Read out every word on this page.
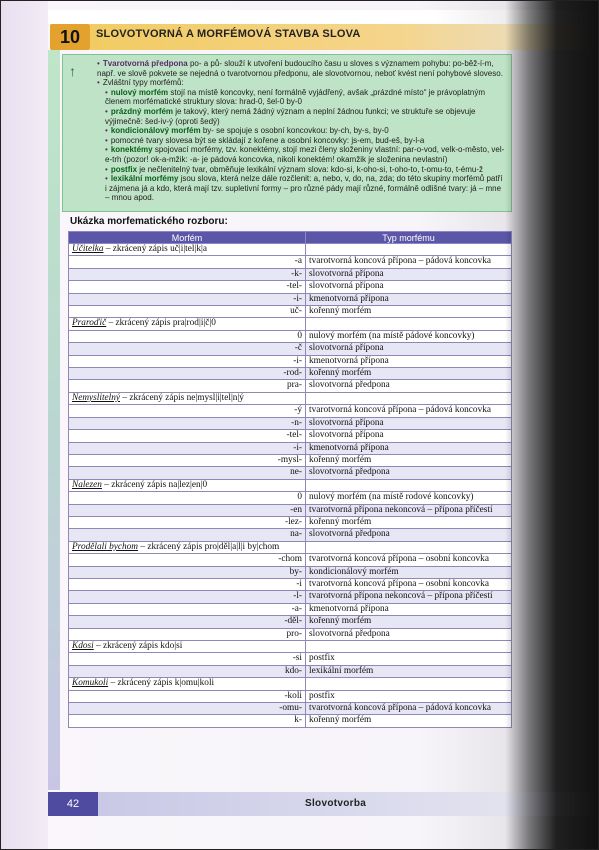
10	SLOVOTVORNÁ A MORFÉMOVÁ STAVBA SLOVA
↑	• Tvarotvorná předpona po- a pů- slouží k utvoření budoucího času u sloves s významem pohybu: po-běž-í-m, např. ve slově pokvete se nejedná o tvarotvornou předponu, ale slovotvornou, neboť kvést není pohybové sloveso.
• Zvláštní typy morfémů:
• nulový morfém stojí na místě koncovky, není formálně vyjádřený, avšak „prázdné místo“ je právoplatným členem morfématické struktury slova: hrad-0, šel-0 by-0
• prázdný morfém je takový, který nemá žádný význam a neplní žádnou funkci; ve struktuře se objevuje výjimečně: šed-iv-ý (oproti šedý)
• kondicionálový morfém by- se spojuje s osobní koncovkou: by-ch, by-s, by-0
• pomocné tvary slovesa být se skládají z kořene a osobní koncovky: js-em, bud-eš, by-l-a
• konektémy spojovací morfémy, tzv. konektémy, stojí mezi členy složeniny vlastní: par-o-vod, velk-o-město, vel-e-trh (pozor! ok-a-mžik: -a- je pádová koncovka, nikoli konektém! okamžik je složenina nevlastní)
• postfix je nečlenitelný tvar, obměňuje lexikální význam slova: kdo-si, k-oho-si, t-oho-to, t-omu-to, t-ému-ž
• lexikální morfémy jsou slova, která nelze dále rozčlenit: a, nebo, v, do, na, zda; do této skupiny morfémů patří i zájmena já a kdo, která mají tzv. supletivní formy – pro různé pády mají různé, formálně odlišné tvary: já – mne – mnou apod.
Ukázka morfematického rozboru:
Morfém	Typ morfému
Učitelka – zkrácený zápis uč|i|tel|k|a	
-a	tvarotvorná koncová přípona – pádová koncovka
-k-	slovotvorná přípona
-tel-	slovotvorná přípona
-i-	kmenotvorná přípona
uč-	kořenný morfém
Praroďič – zkrácený zápis pra|rod|i|č|0	
0	nulový morfém (na místě pádové koncovky)
-č	slovotvorná přípona
-i-	kmenotvorná přípona
-rod-	kořenný morfém
pra-	slovotvorná předpona
Nemyslitelný – zkrácený zápis ne|mysl|i|tel|n|ý	
-ý	tvarotvorná koncová přípona – pádová koncovka
-n-	slovotvorná přípona
-tel-	slovotvorná přípona
-i-	kmenotvorná přípona
-mysl-	kořenný morfém
ne-	slovotvorná předpona
Nalezen – zkrácený zápis na|lez|en|0	
0	nulový morfém (na místě rodové koncovky)
-en	tvarotvorná přípona nekoncová – přípona příčestí
-lez-	kořenný morfém
na-	slovotvorná předpona
Prodělali bychom – zkrácený zápis pro|děl|a|l|i by|chom	
-chom	tvarotvorná koncová přípona – osobní koncovka
by-	kondicionálový morfém
-i	tvarotvorná koncová přípona – osobní koncovka
-l-	tvarotvorná přípona nekoncová – přípona příčestí
-a-	kmenotvorná přípona
-děl-	kořenný morfém
pro-	slovotvorná předpona
Kdosi – zkrácený zápis kdo|si	
-si	postfix
kdo-	lexikální morfém
Komukoli – zkrácený zápis k|omu|koli	
-koli	postfix
-omu-	tvarotvorná koncová přípona – pádová koncovka
k-	kořenný morfém
42	Slovotvorba
